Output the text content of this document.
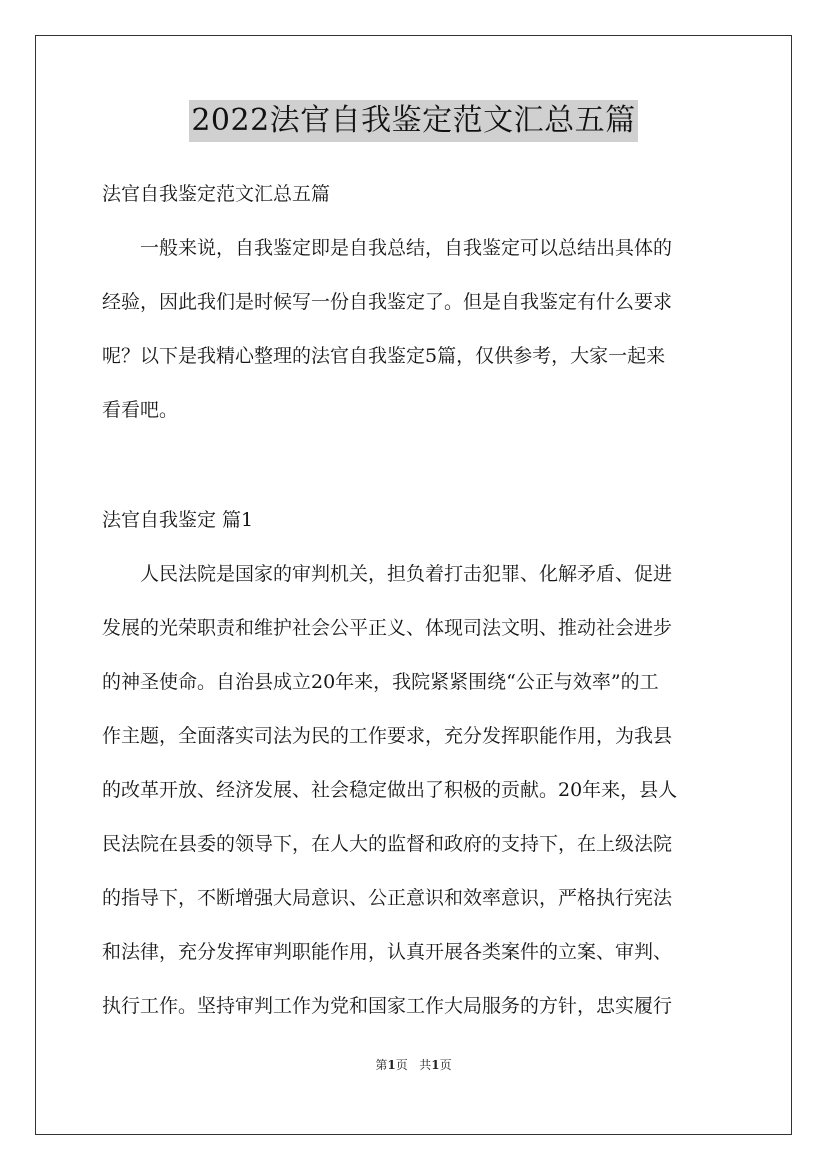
2022法官自我鉴定范文汇总五篇
法官自我鉴定范文汇总五篇
一般来说，自我鉴定即是自我总结，自我鉴定可以总结出具体的
经验，因此我们是时候写一份自我鉴定了。但是自我鉴定有什么要求
呢？以下是我精心整理的法官自我鉴定5篇，仅供参考，大家一起来
看看吧。
法官自我鉴定 篇1
人民法院是国家的审判机关，担负着打击犯罪、化解矛盾、促进
发展的光荣职责和维护社会公平正义、体现司法文明、推动社会进步
的神圣使命。自治县成立20年来，我院紧紧围绕“公正与效率”的工
作主题，全面落实司法为民的工作要求，充分发挥职能作用，为我县
的改革开放、经济发展、社会稳定做出了积极的贡献。20年来，县人
民法院在县委的领导下，在人大的监督和政府的支持下，在上级法院
的指导下，不断增强大局意识、公正意识和效率意识，严格执行宪法
和法律，充分发挥审判职能作用，认真开展各类案件的立案、审判、
执行工作。坚持审判工作为党和国家工作大局服务的方针，忠实履行
第1页 共1页
